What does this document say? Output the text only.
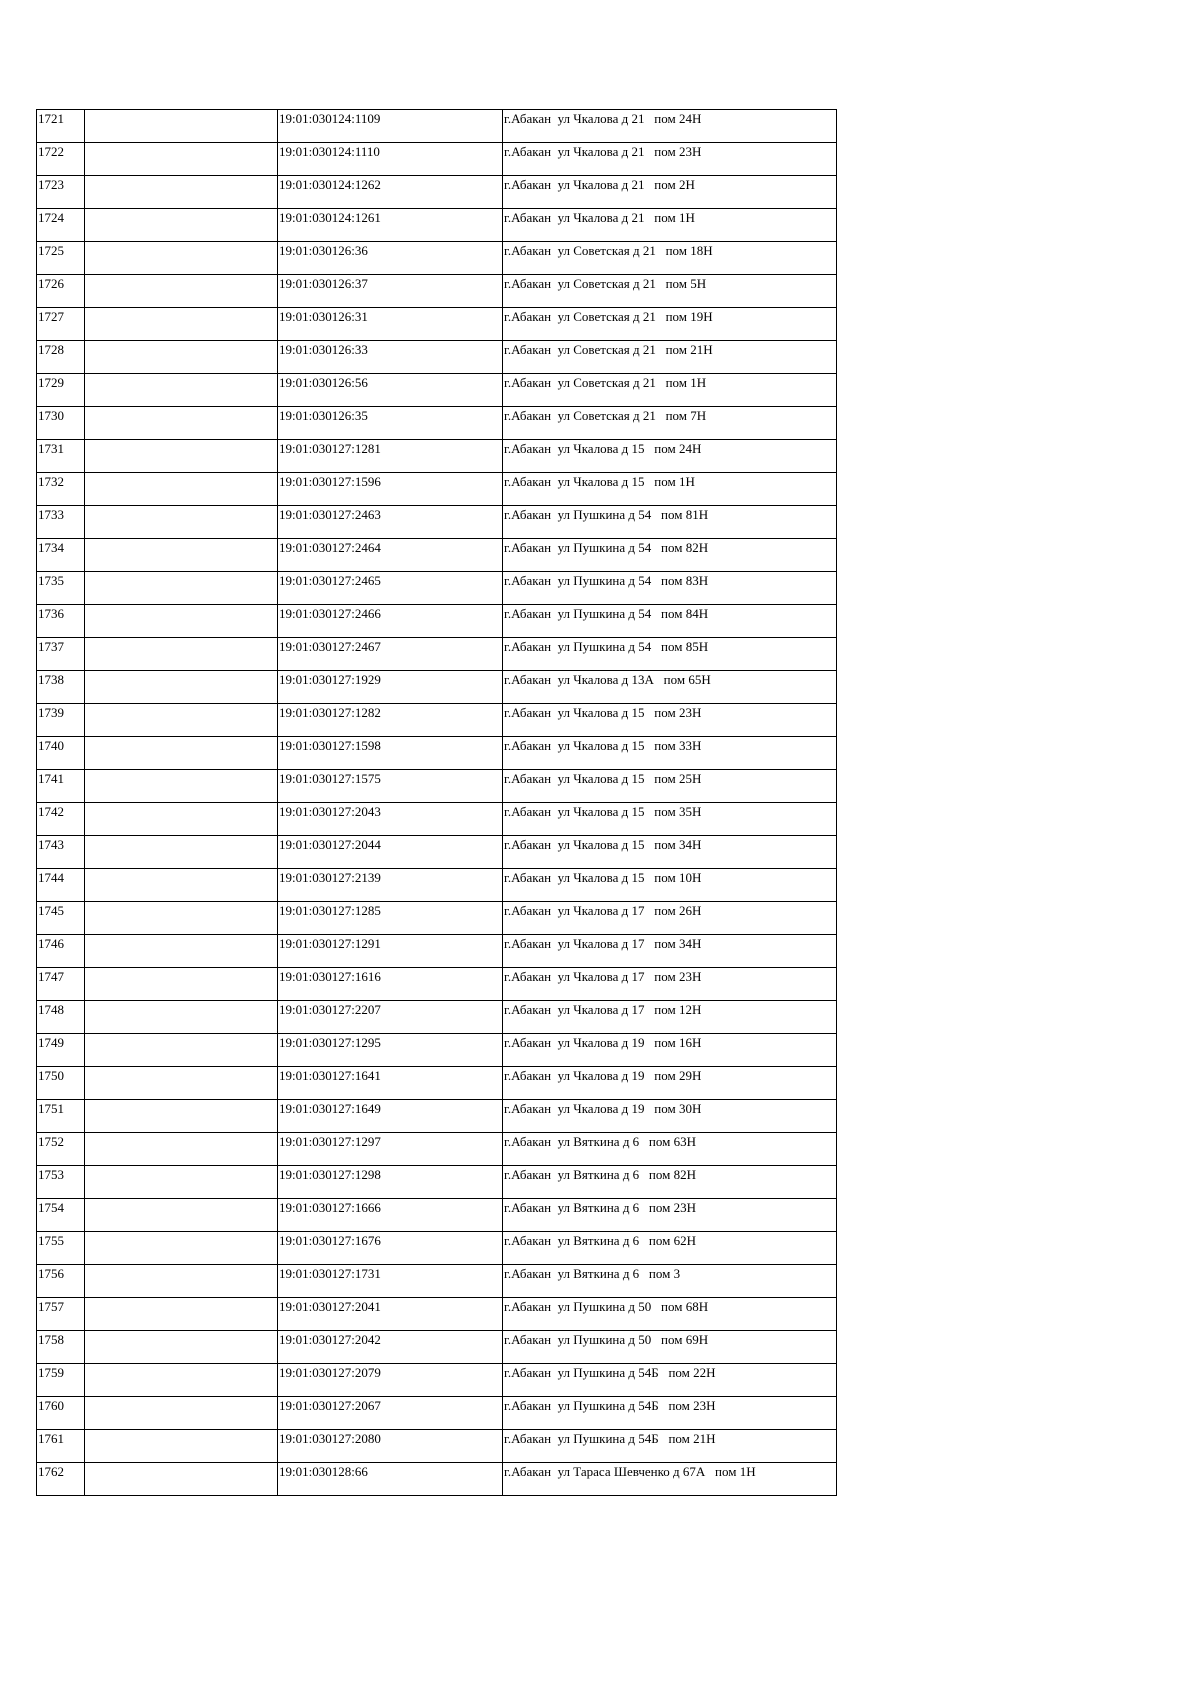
1721		19:01:030124:1109	г.Абакан  ул Чкалова д 21   пом 24Н
1722		19:01:030124:1110	г.Абакан  ул Чкалова д 21   пом 23Н
1723		19:01:030124:1262	г.Абакан  ул Чкалова д 21   пом 2Н
1724		19:01:030124:1261	г.Абакан  ул Чкалова д 21   пом 1Н
1725		19:01:030126:36	г.Абакан  ул Советская д 21   пом 18Н
1726		19:01:030126:37	г.Абакан  ул Советская д 21   пом 5Н
1727		19:01:030126:31	г.Абакан  ул Советская д 21   пом 19Н
1728		19:01:030126:33	г.Абакан  ул Советская д 21   пом 21Н
1729		19:01:030126:56	г.Абакан  ул Советская д 21   пом 1Н
1730		19:01:030126:35	г.Абакан  ул Советская д 21   пом 7Н
1731		19:01:030127:1281	г.Абакан  ул Чкалова д 15   пом 24Н
1732		19:01:030127:1596	г.Абакан  ул Чкалова д 15   пом 1Н
1733		19:01:030127:2463	г.Абакан  ул Пушкина д 54   пом 81Н
1734		19:01:030127:2464	г.Абакан  ул Пушкина д 54   пом 82Н
1735		19:01:030127:2465	г.Абакан  ул Пушкина д 54   пом 83Н
1736		19:01:030127:2466	г.Абакан  ул Пушкина д 54   пом 84Н
1737		19:01:030127:2467	г.Абакан  ул Пушкина д 54   пом 85Н
1738		19:01:030127:1929	г.Абакан  ул Чкалова д 13А   пом 65Н
1739		19:01:030127:1282	г.Абакан  ул Чкалова д 15   пом 23Н
1740		19:01:030127:1598	г.Абакан  ул Чкалова д 15   пом 33Н
1741		19:01:030127:1575	г.Абакан  ул Чкалова д 15   пом 25Н
1742		19:01:030127:2043	г.Абакан  ул Чкалова д 15   пом 35Н
1743		19:01:030127:2044	г.Абакан  ул Чкалова д 15   пом 34Н
1744		19:01:030127:2139	г.Абакан  ул Чкалова д 15   пом 10Н
1745		19:01:030127:1285	г.Абакан  ул Чкалова д 17   пом 26Н
1746		19:01:030127:1291	г.Абакан  ул Чкалова д 17   пом 34Н
1747		19:01:030127:1616	г.Абакан  ул Чкалова д 17   пом 23Н
1748		19:01:030127:2207	г.Абакан  ул Чкалова д 17   пом 12Н
1749		19:01:030127:1295	г.Абакан  ул Чкалова д 19   пом 16Н
1750		19:01:030127:1641	г.Абакан  ул Чкалова д 19   пом 29Н
1751		19:01:030127:1649	г.Абакан  ул Чкалова д 19   пом 30Н
1752		19:01:030127:1297	г.Абакан  ул Вяткина д 6   пом 63Н
1753		19:01:030127:1298	г.Абакан  ул Вяткина д 6   пом 82Н
1754		19:01:030127:1666	г.Абакан  ул Вяткина д 6   пом 23Н
1755		19:01:030127:1676	г.Абакан  ул Вяткина д 6   пом 62Н
1756		19:01:030127:1731	г.Абакан  ул Вяткина д 6   пом 3
1757		19:01:030127:2041	г.Абакан  ул Пушкина д 50   пом 68Н
1758		19:01:030127:2042	г.Абакан  ул Пушкина д 50   пом 69Н
1759		19:01:030127:2079	г.Абакан  ул Пушкина д 54Б   пом 22Н
1760		19:01:030127:2067	г.Абакан  ул Пушкина д 54Б   пом 23Н
1761		19:01:030127:2080	г.Абакан  ул Пушкина д 54Б   пом 21Н
1762		19:01:030128:66	г.Абакан  ул Тараса Шевченко д 67А   пом 1Н
